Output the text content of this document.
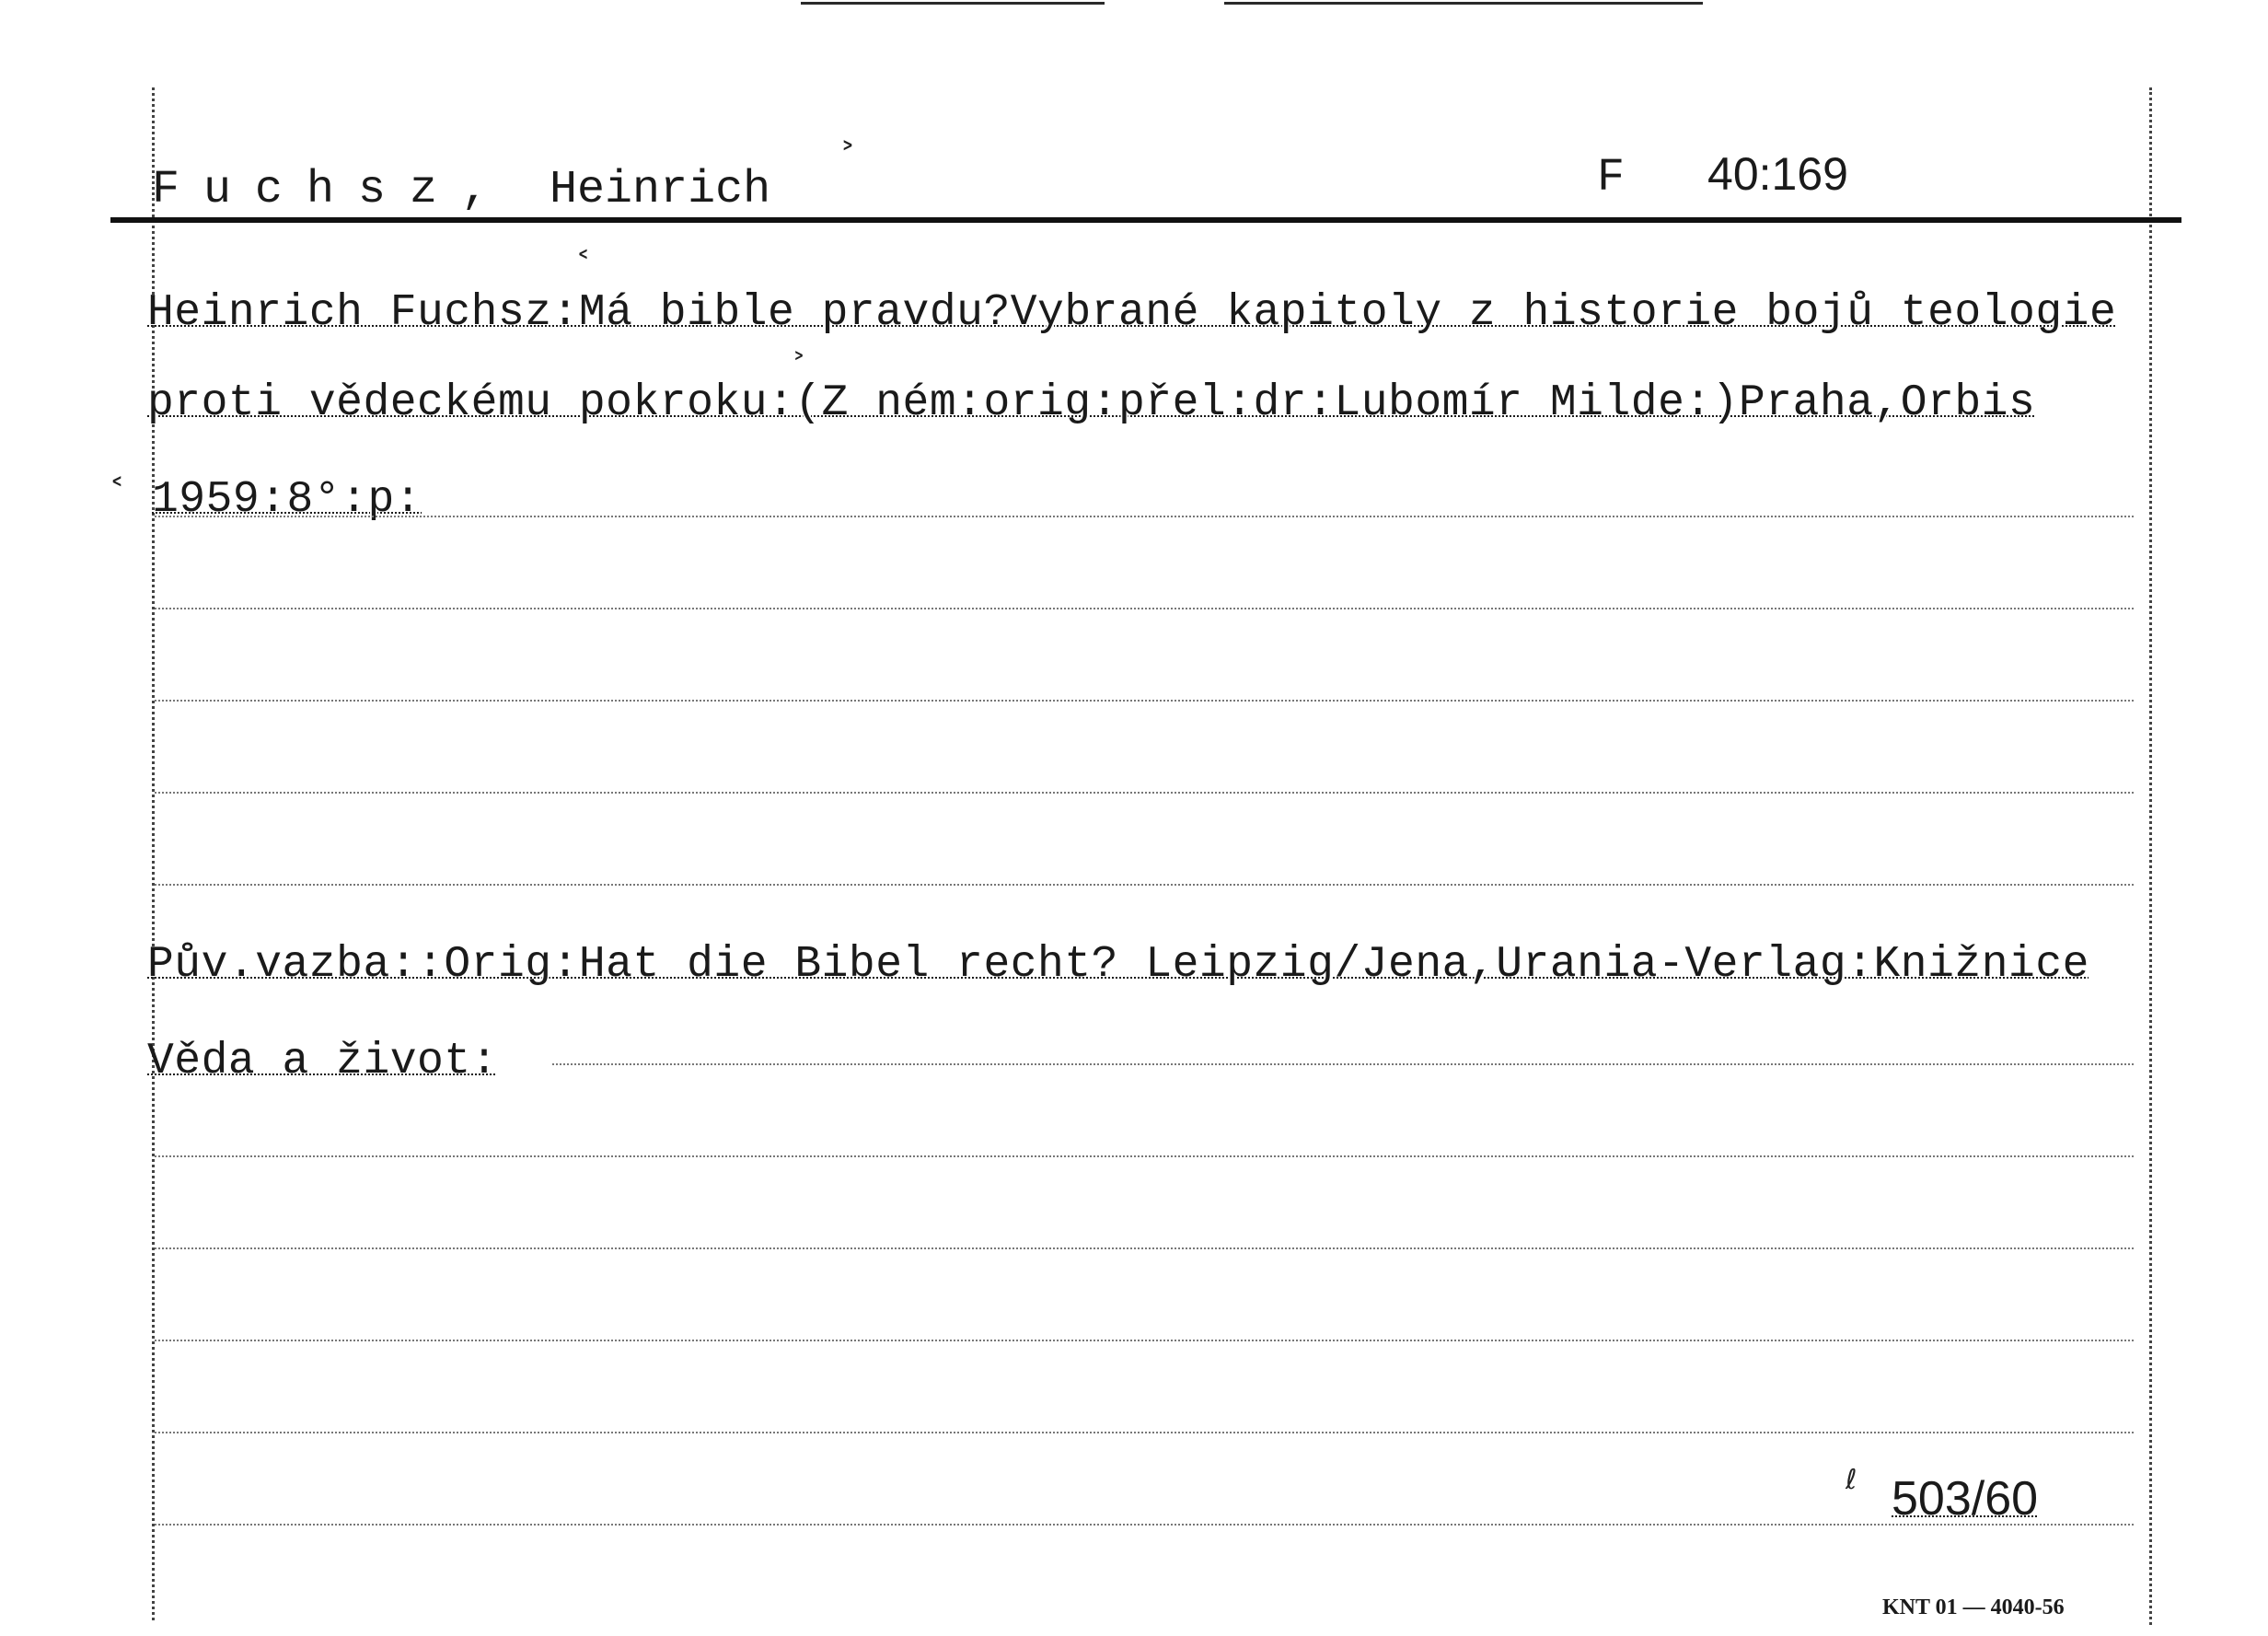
Fuchsz, Heinrich
˃	F 40:169
˂
Heinrich Fuchsz:Má bible pravdu?Vybrané kapitoly z historie bojů teologie
˃
proti vědeckému pokroku:(Z ném:orig:přel:dr:Lubomír Milde:)Praha,Orbis
˂ 1959:8°:p:
Pův.vazba::Orig:Hat die Bibel recht? Leipzig/Jena,Urania-Verlag:Knižnice
Věda a život:
ℓ 503/60
KNT 01 — 4040-56
